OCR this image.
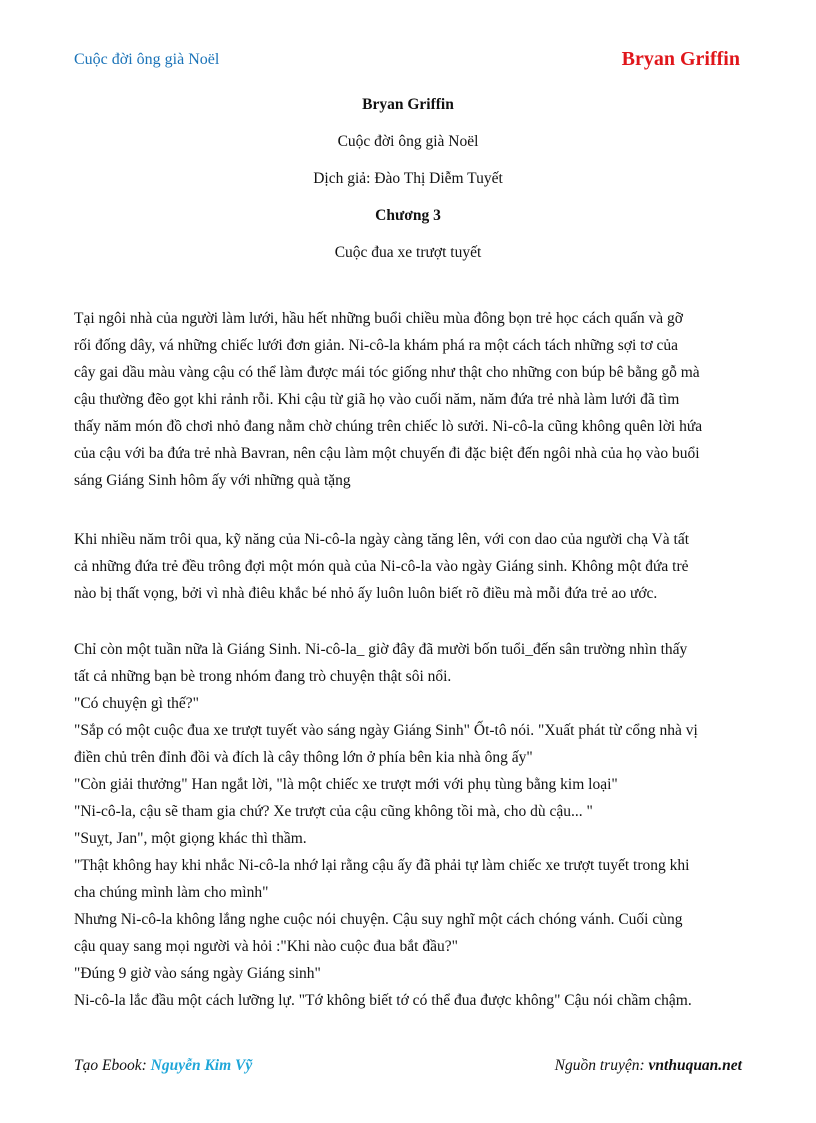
Cuộc đời ông già Noël	Bryan Griffin
Bryan Griffin
Cuộc đời ông già Noël
Dịch giả: Đào Thị Diễm Tuyết
Chương 3
Cuộc đua xe trượt tuyết

Tại ngôi nhà của người làm lưới, hầu hết những buổi chiều mùa đông bọn trẻ học cách quấn và gỡ

rối đống dây, vá những chiếc lưới đơn giản. Ni-cô-la khám phá ra một cách tách những sợi tơ của

cây gai dầu màu vàng cậu có thể làm được mái tóc giống như thật cho những con búp bê bằng gỗ mà

cậu thường đẽo gọt khi rảnh rỗi. Khi cậu từ giã họ vào cuối năm, năm đứa trẻ nhà làm lưới đã tìm

thấy năm món đồ chơi nhỏ đang nằm chờ chúng trên chiếc lò sưởi. Ni-cô-la cũng không quên lời hứa

của cậu với ba đứa trẻ nhà Bavran, nên cậu làm một chuyến đi đặc biệt đến ngôi nhà của họ vào buổi

sáng Giáng Sinh hôm ấy với những quà tặng

Khi nhiều năm trôi qua, kỹ năng của Ni-cô-la ngày càng tăng lên, với con dao của người chạ Và tất

cả những đứa trẻ đều trông đợi một món quà của Ni-cô-la vào ngày Giáng sinh. Không một đứa trẻ

nào bị thất vọng, bởi vì nhà điêu khắc bé nhỏ ấy luôn luôn biết rõ điều mà mỗi đứa trẻ ao ước.

Chỉ còn một tuần nữa là Giáng Sinh. Ni-cô-la_ giờ đây đã mười bốn tuổi_đến sân trường nhìn thấy

tất cả những bạn bè trong nhóm đang trò chuyện thật sôi nổi.

"Có chuyện gì thế?"

"Sắp có một cuộc đua xe trượt tuyết vào sáng ngày Giáng Sinh" Ốt-tô nói. "Xuất phát từ cổng nhà vị

điền chủ trên đỉnh đồi và đích là cây thông lớn ở phía bên kia nhà ông ấy"

"Còn giải thưởng" Han ngắt lời, "là một chiếc xe trượt mới với phụ tùng bằng kim loại"

"Ni-cô-la, cậu sẽ tham gia chứ? Xe trượt của cậu cũng không tồi mà, cho dù cậu... "

"Suỵt, Jan", một giọng khác thì thầm.

"Thật không hay khi nhắc Ni-cô-la nhớ lại rằng cậu ấy đã phải tự làm chiếc xe trượt tuyết trong khi

cha chúng mình làm cho mình"

Nhưng Ni-cô-la không lắng nghe cuộc nói chuyện. Cậu suy nghĩ một cách chóng vánh. Cuối cùng

cậu quay sang mọi người và hỏi :"Khi nào cuộc đua bắt đầu?"

"Đúng 9 giờ vào sáng ngày Giáng sinh"

Ni-cô-la lắc đầu một cách lưỡng lự. "Tớ không biết tớ có thể đua được không" Cậu nói chầm chậm.

Tạo Ebook: Nguyễn Kim Vỹ	Nguồn truyện: vnthuquan.net
